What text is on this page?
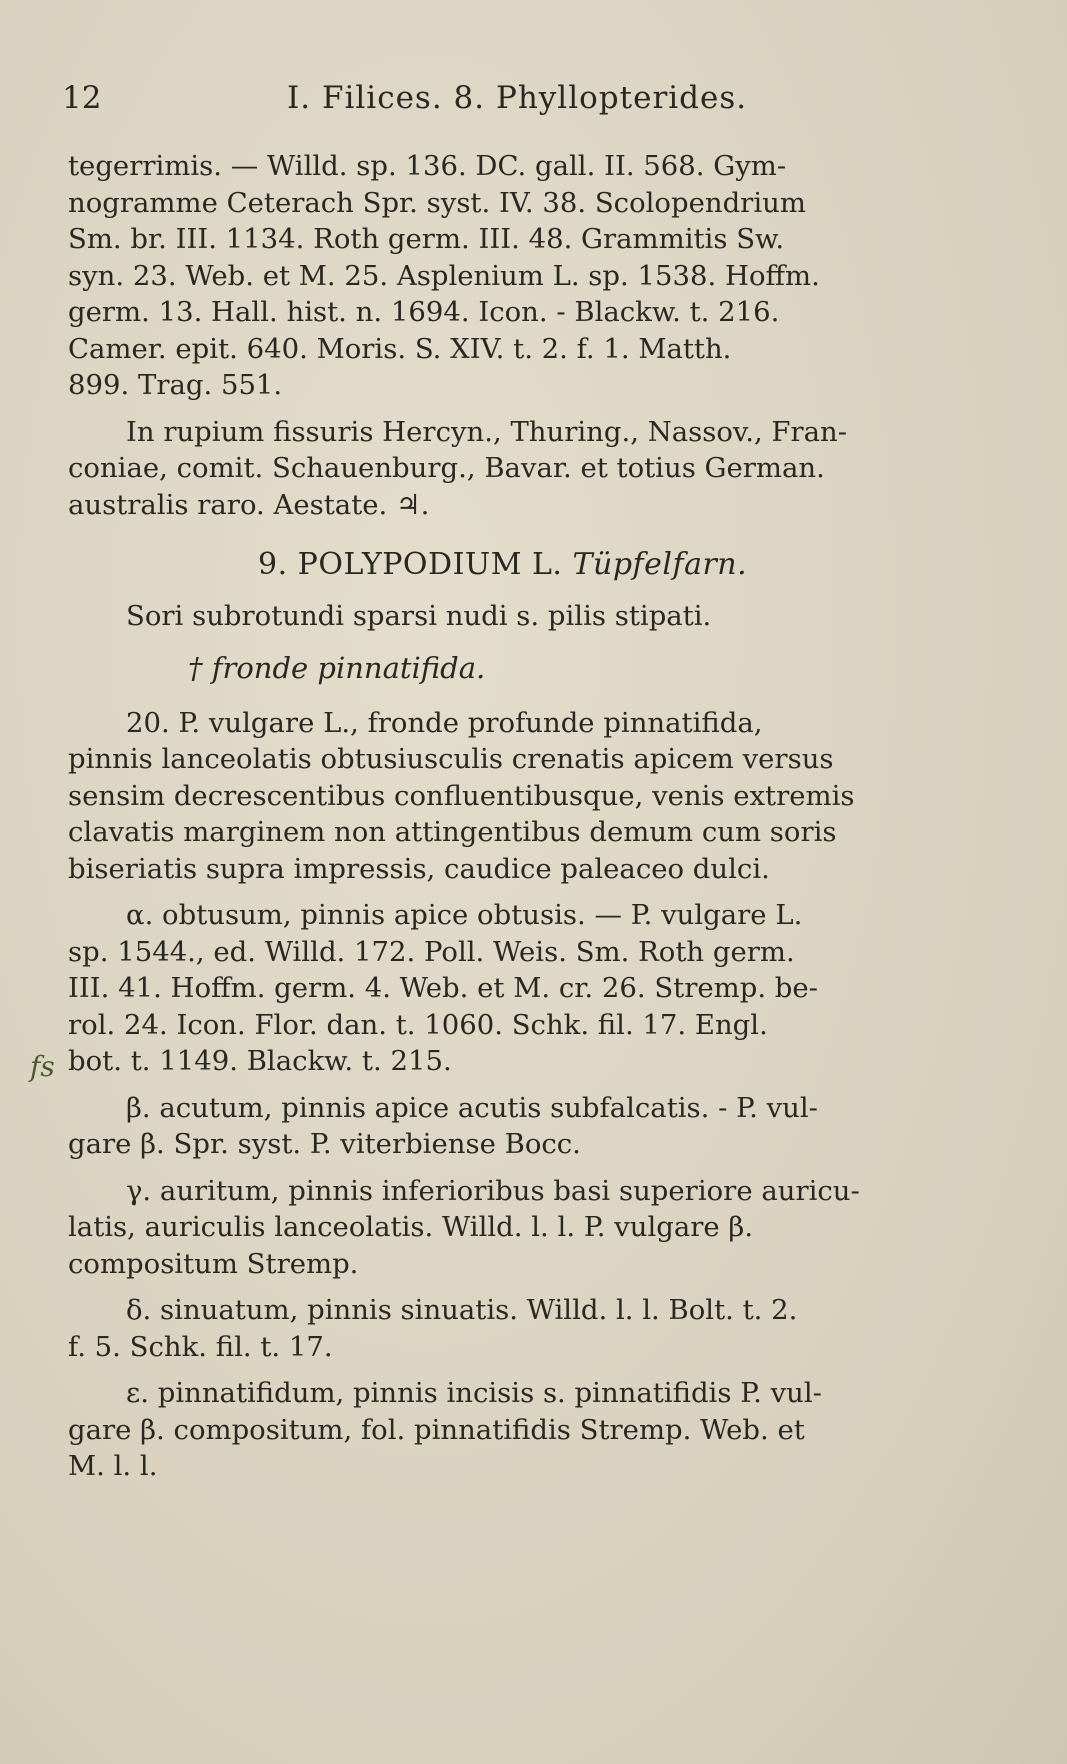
12	I. Filices. 8. Phyllopterides.
fs
tegerrimis. — Willd. sp. 136. DC. gall. II. 568. Gym-
nogramme Ceterach Spr. syst. IV. 38. Scolopendrium
Sm. br. III. 1134. Roth germ. III. 48. Grammitis Sw.
syn. 23. Web. et M. 25. Asplenium L. sp. 1538. Hoffm.
germ. 13. Hall. hist. n. 1694. Icon. - Blackw. t. 216.
Camer. epit. 640. Moris. S. XIV. t. 2. f. 1. Matth.
899. Trag. 551.
In rupium fissuris Hercyn., Thuring., Nassov., Fran-
coniae, comit. Schauenburg., Bavar. et totius German.
australis raro. Aestate. ♃.
9. POLYPODIUM L. Tüpfelfarn.
Sori subrotundi sparsi nudi s. pilis stipati.
† fronde pinnatifida.
20. P. vulgare L., fronde profunde pinnatifida,
pinnis lanceolatis obtusiusculis crenatis apicem versus
sensim decrescentibus confluentibusque, venis extremis
clavatis marginem non attingentibus demum cum soris
biseriatis supra impressis, caudice paleaceo dulci.
α. obtusum, pinnis apice obtusis. — P. vulgare L.
sp. 1544., ed. Willd. 172. Poll. Weis. Sm. Roth germ.
III. 41. Hoffm. germ. 4. Web. et M. cr. 26. Stremp. be-
rol. 24. Icon. Flor. dan. t. 1060. Schk. fil. 17. Engl.
bot. t. 1149. Blackw. t. 215.
β. acutum, pinnis apice acutis subfalcatis. - P. vul-
gare β. Spr. syst. P. viterbiense Bocc.
γ. auritum, pinnis inferioribus basi superiore auricu-
latis, auriculis lanceolatis. Willd. l. l. P. vulgare β.
compositum Stremp.
δ. sinuatum, pinnis sinuatis. Willd. l. l. Bolt. t. 2.
f. 5. Schk. fil. t. 17.
ε. pinnatifidum, pinnis incisis s. pinnatifidis P. vul-
gare β. compositum, fol. pinnatifidis Stremp. Web. et
M. l. l.
